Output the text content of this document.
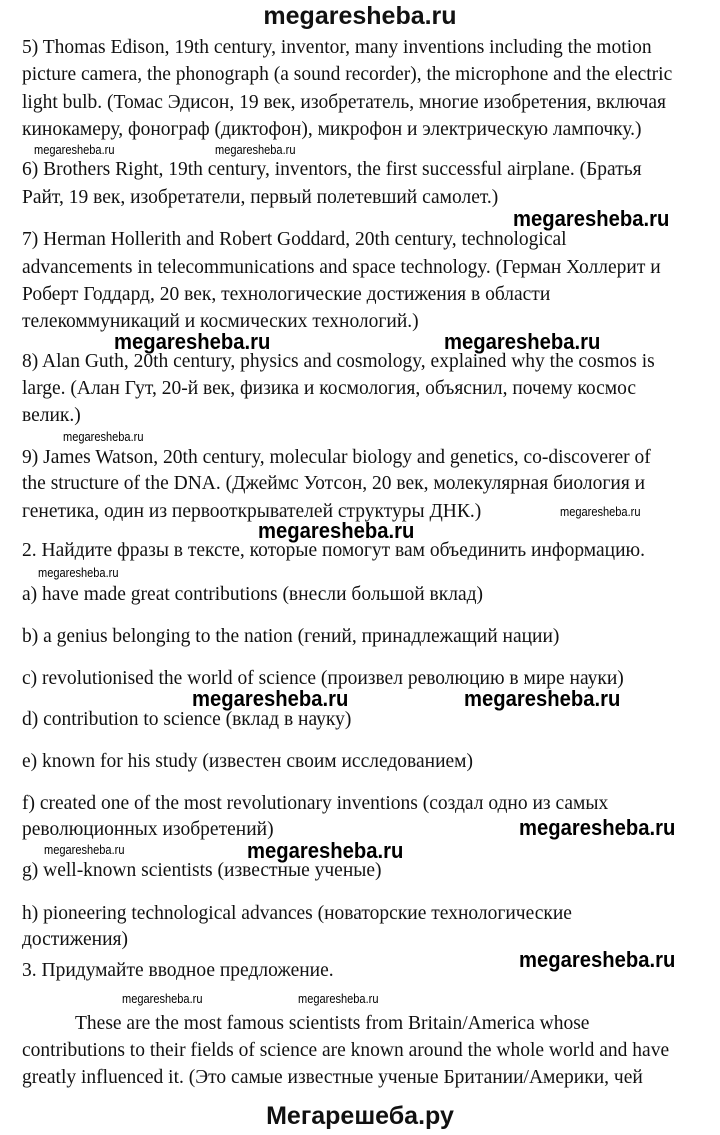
megaresheba.ru
5) Thomas Edison, 19th century, inventor, many inventions including the motion
picture camera, the phonograph (a sound recorder), the microphone and the electric
light bulb. (Томас Эдисон, 19 век, изобретатель, многие изобретения, включая
кинокамеру, фонограф (диктофон), микрофон и электрическую лампочку.)
megaresheba.ru	megaresheba.ru
6) Brothers Right, 19th century, inventors, the first successful airplane. (Братья
Райт, 19 век, изобретатели, первый полетевший самолет.)
megaresheba.ru
7) Herman Hollerith and Robert Goddard, 20th century, technological
advancements in telecommunications and space technology. (Герман Холлерит и
Роберт Годдард, 20 век, технологические достижения в области
телекоммуникаций и космических технологий.)
megaresheba.ru	megaresheba.ru
8) Alan Guth, 20th century, physics and cosmology, explained why the cosmos is
large. (Алан Гут, 20-й век, физика и космология, объяснил, почему космос
велик.)
megaresheba.ru
9) James Watson, 20th century, molecular biology and genetics, co-discoverer of
the structure of the DNA. (Джеймс Уотсон, 20 век, молекулярная биология и
генетика, один из первооткрывателей структуры ДНК.)	megaresheba.ru
megaresheba.ru
2. Найдите фразы в тексте, которые помогут вам объединить информацию.
megaresheba.ru
a) have made great contributions (внесли большой вклад)
b) a genius belonging to the nation (гений, принадлежащий нации)
c) revolutionised the world of science (произвел революцию в мире науки)
megaresheba.ru	megaresheba.ru
d) contribution to science (вклад в науку)
e) known for his study (известен своим исследованием)
f) created one of the most revolutionary inventions (создал одно из самых
революционных изобретений)	megaresheba.ru
megaresheba.ru	megaresheba.ru
g) well-known scientists (известные ученые)
h) pioneering technological advances (новаторские технологические
достижения)
megaresheba.ru
3. Придумайте вводное предложение.
megaresheba.ru	megaresheba.ru
These are the most famous scientists from Britain/America whose
contributions to their fields of science are known around the whole world and have
greatly influenced it. (Это самые известные ученые Британии/Америки, чей
Мегарешеба.ру
